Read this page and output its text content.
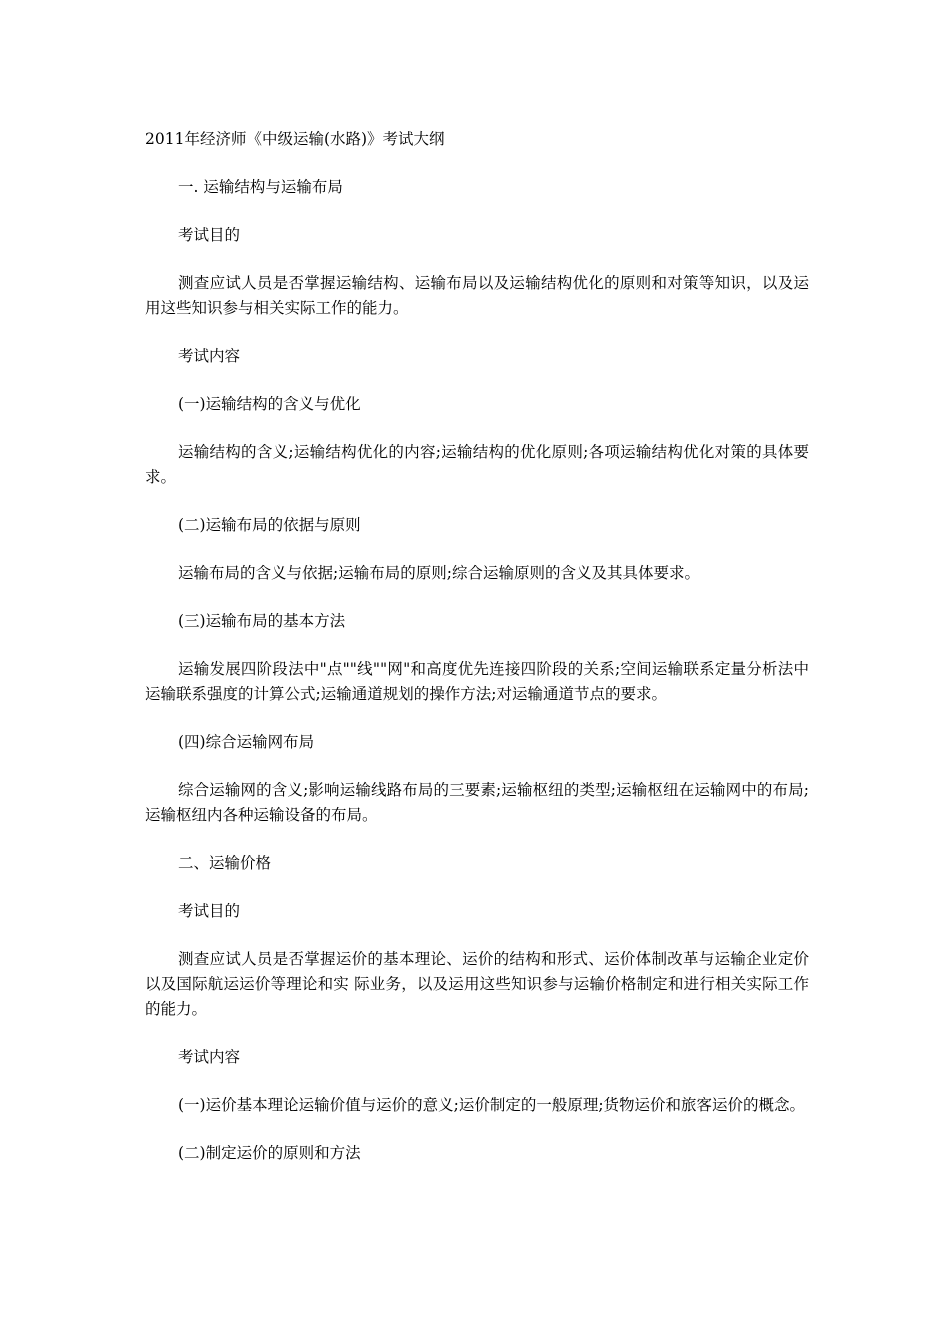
2011年经济师《中级运输(水路)》考试大纲

一. 运输结构与运输布局

考试目的

测查应试人员是否掌握运输结构、运输布局以及运输结构优化的原则和对策等知识，以及运用这些知识参与相关实际工作的能力。

考试内容

(一)运输结构的含义与优化

运输结构的含义;运输结构优化的内容;运输结构的优化原则;各项运输结构优化对策的具体要求。

(二)运输布局的依据与原则

运输布局的含义与依据;运输布局的原则;综合运输原则的含义及其具体要求。

(三)运输布局的基本方法

运输发展四阶段法中"点""线""网"和高度优先连接四阶段的关系;空间运输联系定量分析法中运输联系强度的计算公式;运输通道规划的操作方法;对运输通道节点的要求。

(四)综合运输网布局

综合运输网的含义;影响运输线路布局的三要素;运输枢纽的类型;运输枢纽在运输网中的布局;运输枢纽内各种运输设备的布局。

二、运输价格

考试目的

测查应试人员是否掌握运价的基本理论、运价的结构和形式、运价体制改革与运输企业定价以及国际航运运价等理论和实 际业务，以及运用这些知识参与运输价格制定和进行相关实际工作的能力。

考试内容

(一)运价基本理论运输价值与运价的意义;运价制定的一般原理;货物运价和旅客运价的概念。

(二)制定运价的原则和方法
